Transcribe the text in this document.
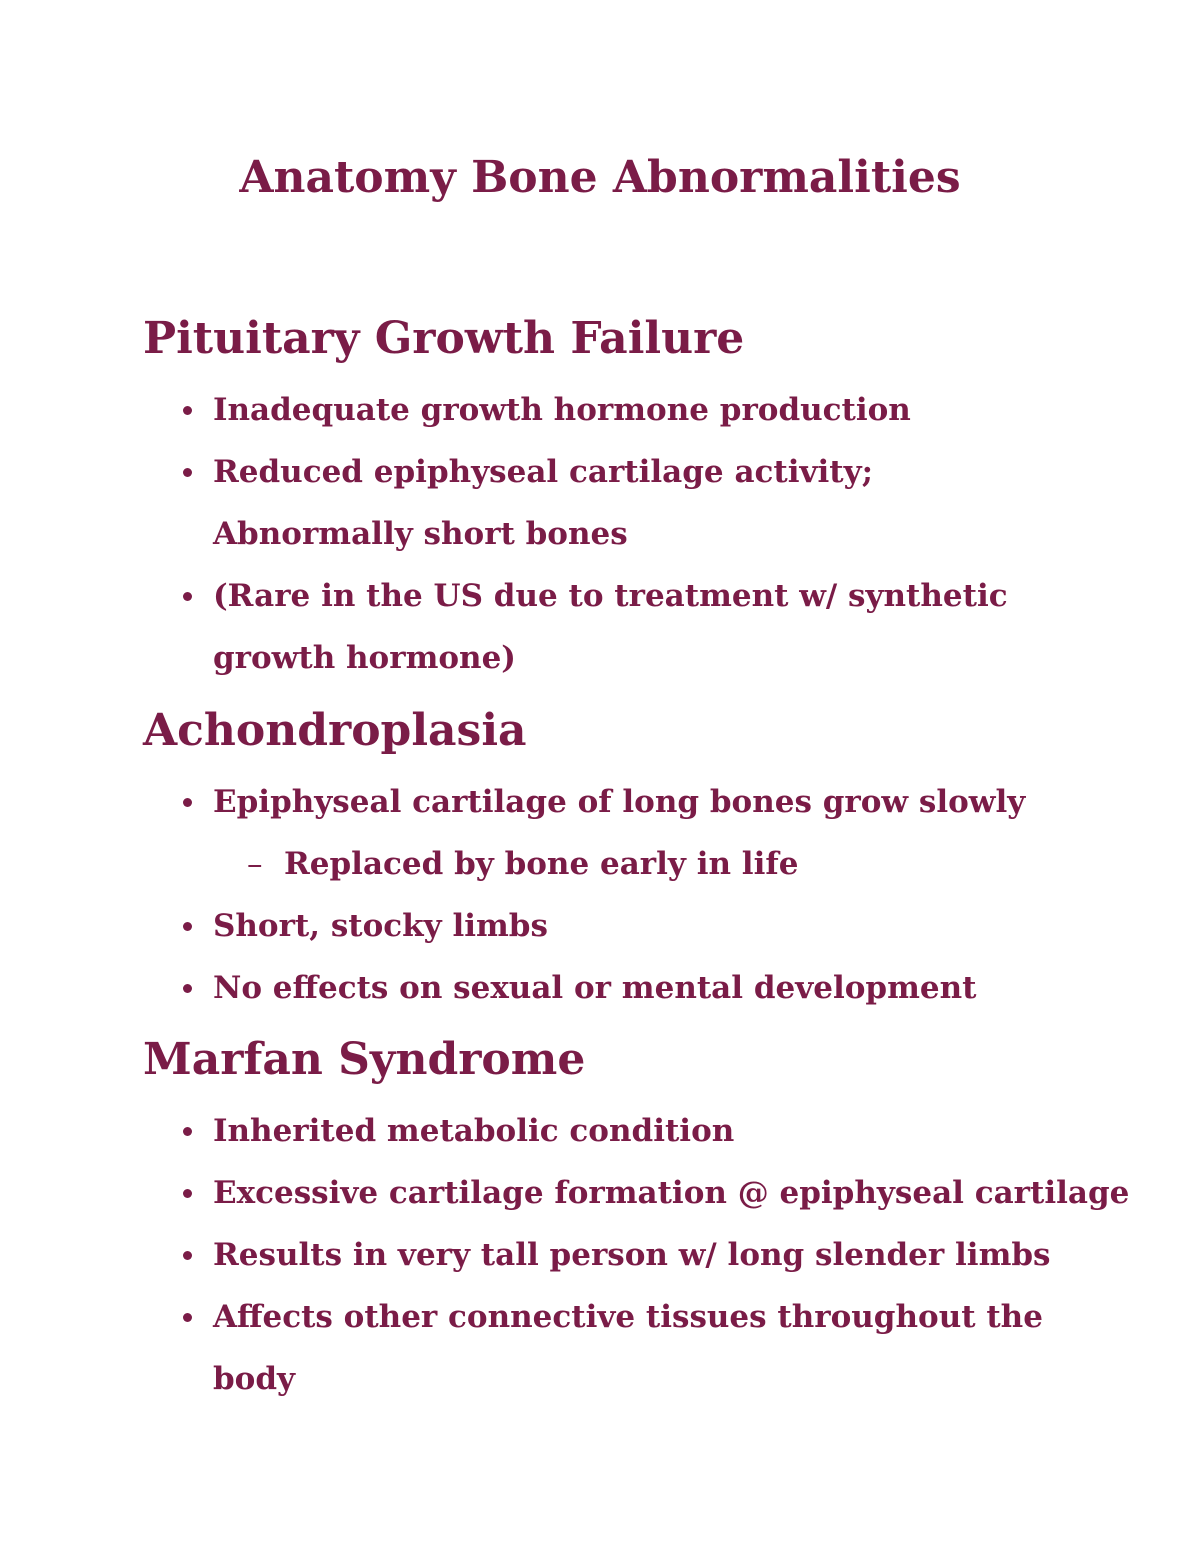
Anatomy Bone Abnormalities
Pituitary Growth Failure
Inadequate growth hormone production
Reduced epiphyseal cartilage activity; Abnormally short bones
(Rare in the US due to treatment w/ synthetic growth hormone)
Achondroplasia
Epiphyseal cartilage of long bones grow slowly
– Replaced by bone early in life
Short, stocky limbs
No effects on sexual or mental development
Marfan Syndrome
Inherited metabolic condition
Excessive cartilage formation @ epiphyseal cartilage
Results in very tall person w/ long slender limbs
Affects other connective tissues throughout the body
